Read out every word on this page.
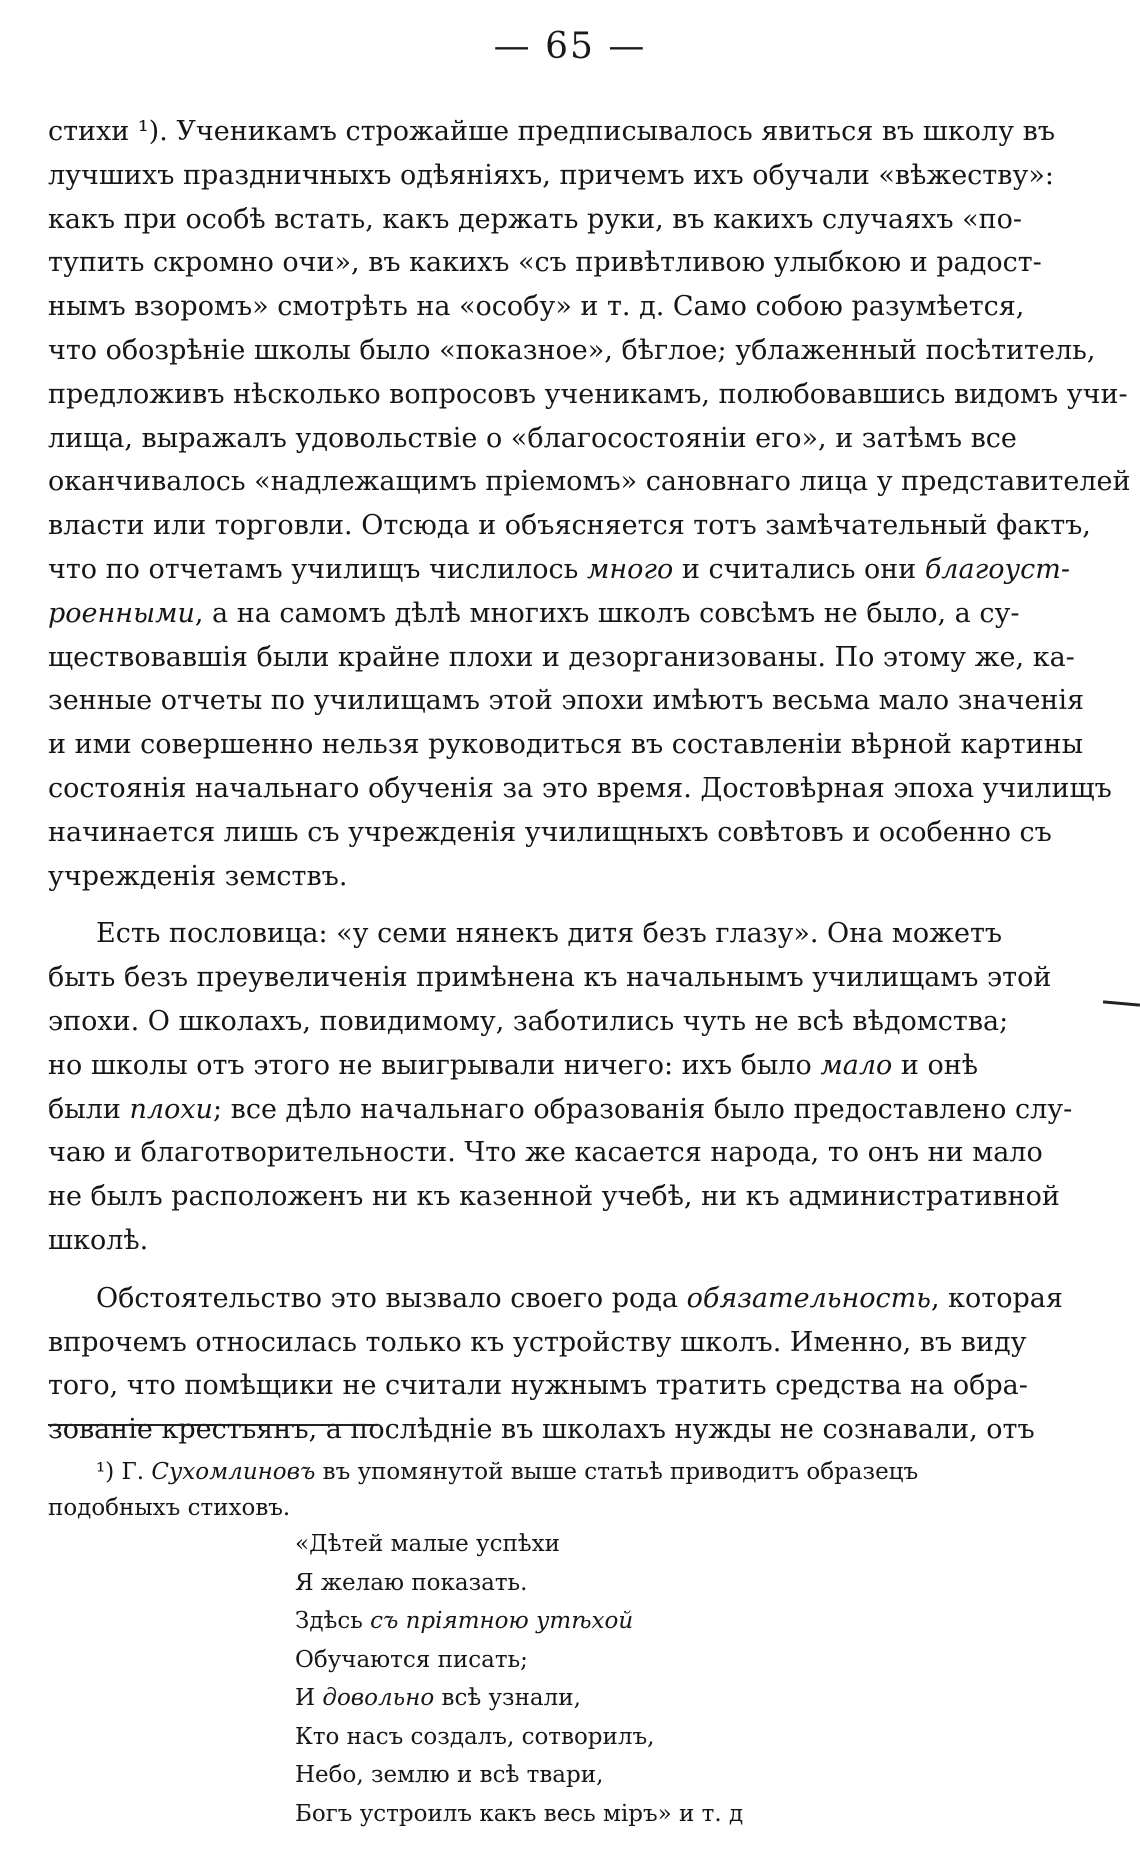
— 65 —

стихи ¹). Ученикамъ строжайше предписывалось явиться въ школу въ
лучшихъ праздничныхъ одѣяніяхъ, причемъ ихъ обучали «вѣжеству»:
какъ при особѣ встать, какъ держать руки, въ какихъ случаяхъ «по-
тупить скромно очи», въ какихъ «съ привѣтливою улыбкою и радост-
нымъ взоромъ» смотрѣть на «особу» и т. д. Само собою разумѣется,
что обозрѣніе школы было «показное», бѣглое; ублаженный посѣтитель,
предложивъ нѣсколько вопросовъ ученикамъ, полюбовавшись видомъ учи-
лища, выражалъ удовольствіе о «благосостояніи его», и затѣмъ все
оканчивалось «надлежащимъ пріемомъ» сановнаго лица у представителей
власти или торговли. Отсюда и объясняется тотъ замѣчательный фактъ,
что по отчетамъ училищъ числилось много и считались они благоуст-
роенными, а на самомъ дѣлѣ многихъ школъ совсѣмъ не было, а су-
ществовавшія были крайне плохи и дезорганизованы. По этому же, ка-
зенные отчеты по училищамъ этой эпохи имѣютъ весьма мало значенія
и ими совершенно нельзя руководиться въ составленіи вѣрной картины
состоянія начальнаго обученія за это время. Достовѣрная эпоха училищъ
начинается лишь съ учрежденія училищныхъ совѣтовъ и особенно съ
учрежденія земствъ.

Есть пословица: «у семи нянекъ дитя безъ глазу». Она можетъ
быть безъ преувеличенія примѣнена къ начальнымъ училищамъ этой
эпохи. О школахъ, повидимому, заботились чуть не всѣ вѣдомства;
но школы отъ этого не выигрывали ничего: ихъ было мало и онѣ
были плохи; все дѣло начальнаго образованія было предоставлено слу-
чаю и благотворительности. Что же касается народа, то онъ ни мало
не былъ расположенъ ни къ казенной учебѣ, ни къ административной
школѣ.

Обстоятельство это вызвало своего рода обязательность, которая
впрочемъ относилась только къ устройству школъ. Именно, въ виду
того, что помѣщики не считали нужнымъ тратить средства на обра-
зованіе крестьянъ, а послѣдніе въ школахъ нужды не сознавали, отъ

¹) Г. Сухомлиновъ въ упомянутой выше статьѣ приводитъ образецъ
подобныхъ стиховъ.
«Дѣтей малые успѣхи
Я желаю показать.
Здѣсь съ пріятною утѣхой
Обучаются писать;
И довольно всѣ узнали,
Кто насъ создалъ, сотворилъ,
Небо, землю и всѣ твари,
Богъ устроилъ какъ весь міръ» и т. д
